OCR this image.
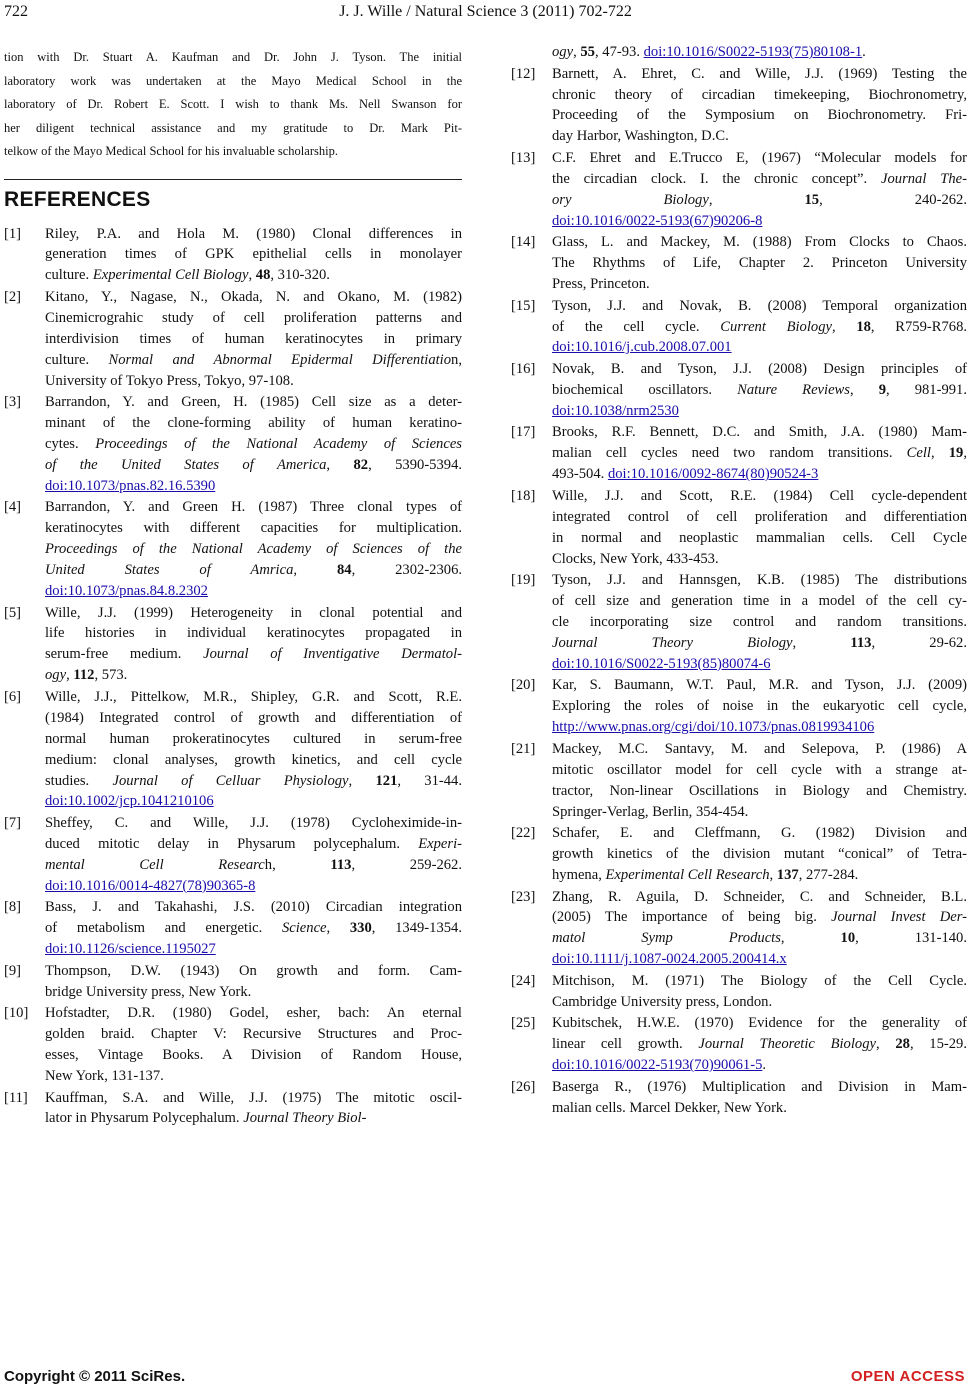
722	J. J. Wille / Natural Science 3 (2011) 702-722
tion with Dr. Stuart A. Kaufman and Dr. John J. Tyson. The initial
laboratory work was undertaken at the Mayo Medical School in the
laboratory of Dr. Robert E. Scott. I wish to thank Ms. Nell Swanson for
her diligent technical assistance and my gratitude to Dr. Mark Pit-
telkow of the Mayo Medical School for his invaluable scholarship.
REFERENCES
[1] Riley, P.A. and Hola M. (1980) Clonal differences in
generation times of GPK epithelial cells in monolayer
culture. Experimental Cell Biology, 48, 310-320.
[2] Kitano, Y., Nagase, N., Okada, N. and Okano, M. (1982)
Cinemicrograhic study of cell proliferation patterns and
interdivision times of human keratinocytes in primary
culture. Normal and Abnormal Epidermal Differentiation,
University of Tokyo Press, Tokyo, 97-108.
[3] Barrandon, Y. and Green, H. (1985) Cell size as a deter-
minant of the clone-forming ability of human keratino-
cytes. Proceedings of the National Academy of Sciences
of the United States of America, 82, 5390-5394.
doi:10.1073/pnas.82.16.5390
[4] Barrandon, Y. and Green H. (1987) Three clonal types of
keratinocytes with different capacities for multiplication.
Proceedings of the National Academy of Sciences of the
United States of Amrica, 84, 2302-2306.
doi:10.1073/pnas.84.8.2302
[5] Wille, J.J. (1999) Heterogeneity in clonal potential and
life histories in individual keratinocytes propagated in
serum-free medium. Journal of Inventigative Dermatol-
ogy, 112, 573.
[6] Wille, J.J., Pittelkow, M.R., Shipley, G.R. and Scott, R.E.
(1984) Integrated control of growth and differentiation of
normal human prokeratinocytes cultured in serum-free
medium: clonal analyses, growth kinetics, and cell cycle
studies. Journal of Celluar Physiology, 121, 31-44.
doi:10.1002/jcp.1041210106
[7] Sheffey, C. and Wille, J.J. (1978) Cycloheximide-in-
duced mitotic delay in Physarum polycephalum. Experi-
mental Cell Research, 113, 259-262.
doi:10.1016/0014-4827(78)90365-8
[8] Bass, J. and Takahashi, J.S. (2010) Circadian integration
of metabolism and energetic. Science, 330, 1349-1354.
doi:10.1126/science.1195027
[9] Thompson, D.W. (1943) On growth and form. Cam-
bridge University press, New York.
[10] Hofstadter, D.R. (1980) Godel, esher, bach: An eternal
golden braid. Chapter V: Recursive Structures and Proc-
esses, Vintage Books. A Division of Random House,
New York, 131-137.
[11] Kauffman, S.A. and Wille, J.J. (1975) The mitotic oscil-
lator in Physarum Polycephalum. Journal Theory Biol-
ogy, 55, 47-93. doi:10.1016/S0022-5193(75)80108-1.
[12] Barnett, A. Ehret, C. and Wille, J.J. (1969) Testing the
chronic theory of circadian timekeeping, Biochronometry,
Proceeding of the Symposium on Biochronometry. Fri-
day Harbor, Washington, D.C.
[13] C.F. Ehret and E.Trucco E, (1967) “Molecular models for
the circadian clock. I. the chronic concept”. Journal The-
ory Biology, 15, 240-262.
doi:10.1016/0022-5193(67)90206-8
[14] Glass, L. and Mackey, M. (1988) From Clocks to Chaos.
The Rhythms of Life, Chapter 2. Princeton University
Press, Princeton.
[15] Tyson, J.J. and Novak, B. (2008) Temporal organization
of the cell cycle. Current Biology, 18, R759-R768.
doi:10.1016/j.cub.2008.07.001
[16] Novak, B. and Tyson, J.J. (2008) Design principles of
biochemical oscillators. Nature Reviews, 9, 981-991.
doi:10.1038/nrm2530
[17] Brooks, R.F. Bennett, D.C. and Smith, J.A. (1980) Mam-
malian cell cycles need two random transitions. Cell, 19,
493-504. doi:10.1016/0092-8674(80)90524-3
[18] Wille, J.J. and Scott, R.E. (1984) Cell cycle-dependent
integrated control of cell proliferation and differentiation
in normal and neoplastic mammalian cells. Cell Cycle
Clocks, New York, 433-453.
[19] Tyson, J.J. and Hannsgen, K.B. (1985) The distributions
of cell size and generation time in a model of the cell cy-
cle incorporating size control and random transitions.
Journal Theory Biology, 113, 29-62.
doi:10.1016/S0022-5193(85)80074-6
[20] Kar, S. Baumann, W.T. Paul, M.R. and Tyson, J.J. (2009)
Exploring the roles of noise in the eukaryotic cell cycle,
http://www.pnas.org/cgi/doi/10.1073/pnas.0819934106
[21] Mackey, M.C. Santavy, M. and Selepova, P. (1986) A
mitotic oscillator model for cell cycle with a strange at-
tractor, Non-linear Oscillations in Biology and Chemistry.
Springer-Verlag, Berlin, 354-454.
[22] Schafer, E. and Cleffmann, G. (1982) Division and
growth kinetics of the division mutant “conical” of Tetra-
hymena, Experimental Cell Research, 137, 277-284.
[23] Zhang, R. Aguila, D. Schneider, C. and Schneider, B.L.
(2005) The importance of being big. Journal Invest Der-
matol Symp Products, 10, 131-140.
doi:10.1111/j.1087-0024.2005.200414.x
[24] Mitchison, M. (1971) The Biology of the Cell Cycle.
Cambridge University press, London.
[25] Kubitschek, H.W.E. (1970) Evidence for the generality of
linear cell growth. Journal Theoretic Biology, 28, 15-29.
doi:10.1016/0022-5193(70)90061-5.
[26] Baserga R., (1976) Multiplication and Division in Mam-
malian cells. Marcel Dekker, New York.
Copyright © 2011 SciRes.	OPEN ACCESS
